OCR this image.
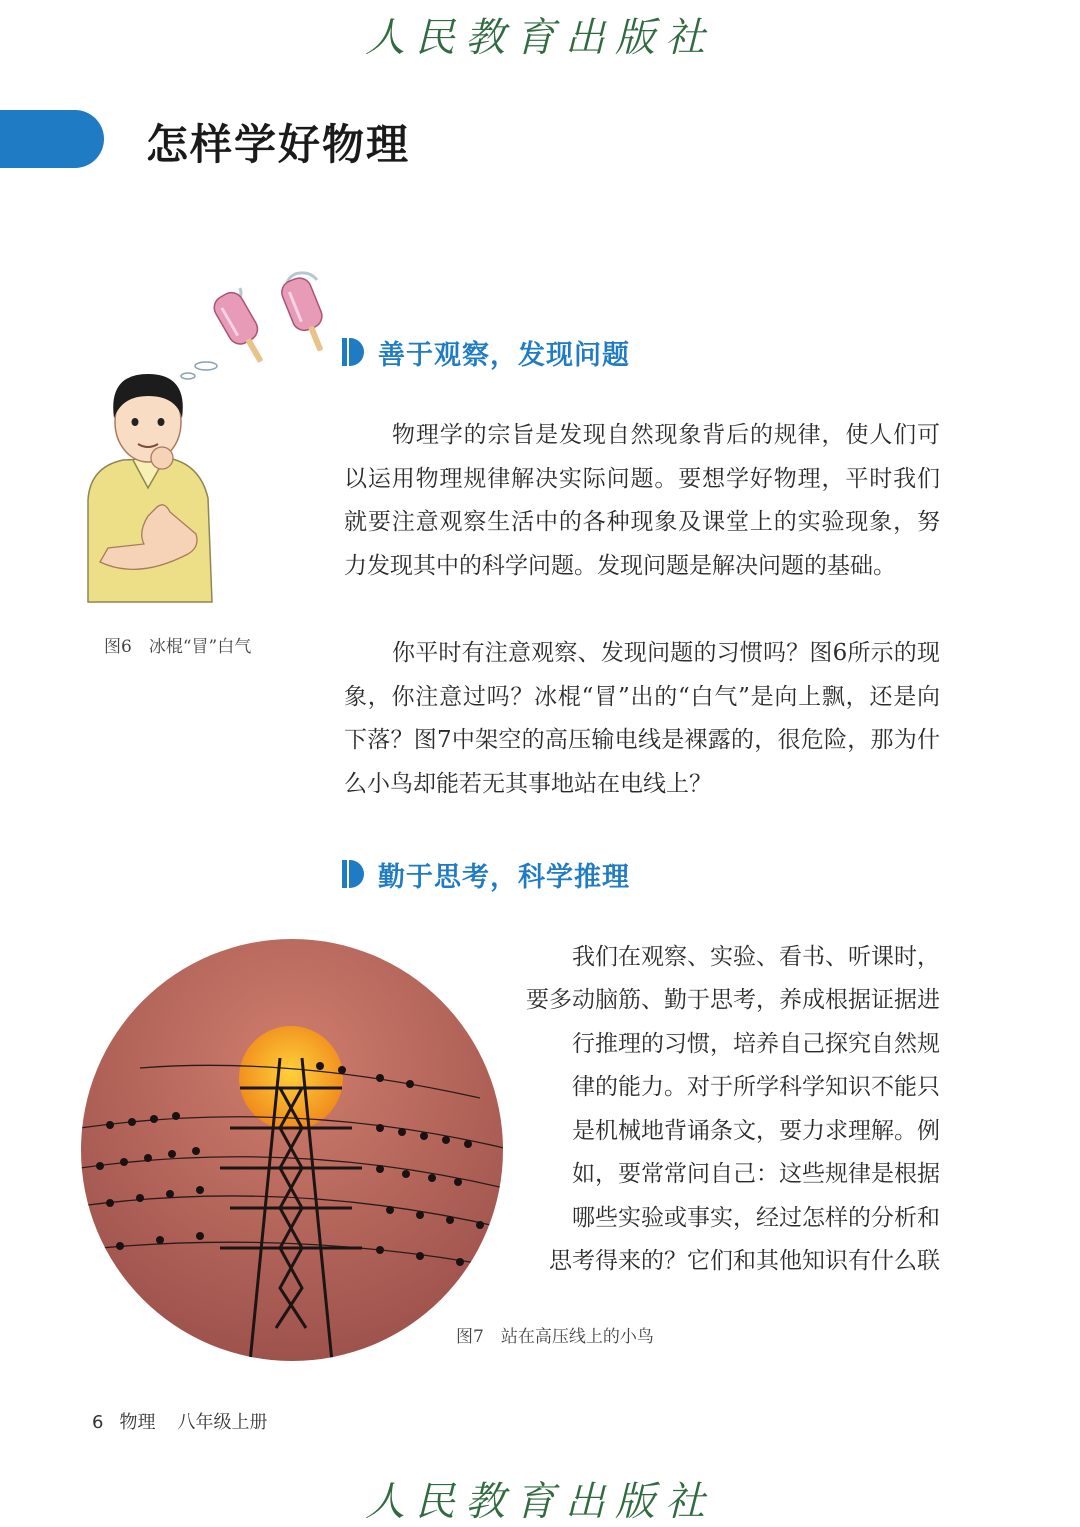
人民教育出版社
怎样学好物理
图6　冰棍“冒”白气
善于观察，发现问题

物理学的宗旨是发现自然现象背后的规律，使人们可以运用物理规律解决实际问题。要想学好物理，平时我们就要注意观察生活中的各种现象及课堂上的实验现象，努力发现其中的科学问题。发现问题是解决问题的基础。

你平时有注意观察、发现问题的习惯吗？图6所示的现象，你注意过吗？冰棍“冒”出的“白气”是向上飘，还是向下落？图7中架空的高压输电线是裸露的，很危险，那为什么小鸟却能若无其事地站在电线上？

勤于思考，科学推理

我们在观察、实验、看书、听课时，

要多动脑筋、勤于思考，养成根据证据进

行推理的习惯，培养自己探究自然规

律的能力。对于所学科学知识不能只

是机械地背诵条文，要力求理解。例

如，要常常问自己：这些规律是根据

哪些实验或事实，经过怎样的分析和

思考得来的？它们和其他知识有什么联

图7　站在高压线上的小鸟

6 物理　 八年级上册

人民教育出版社
